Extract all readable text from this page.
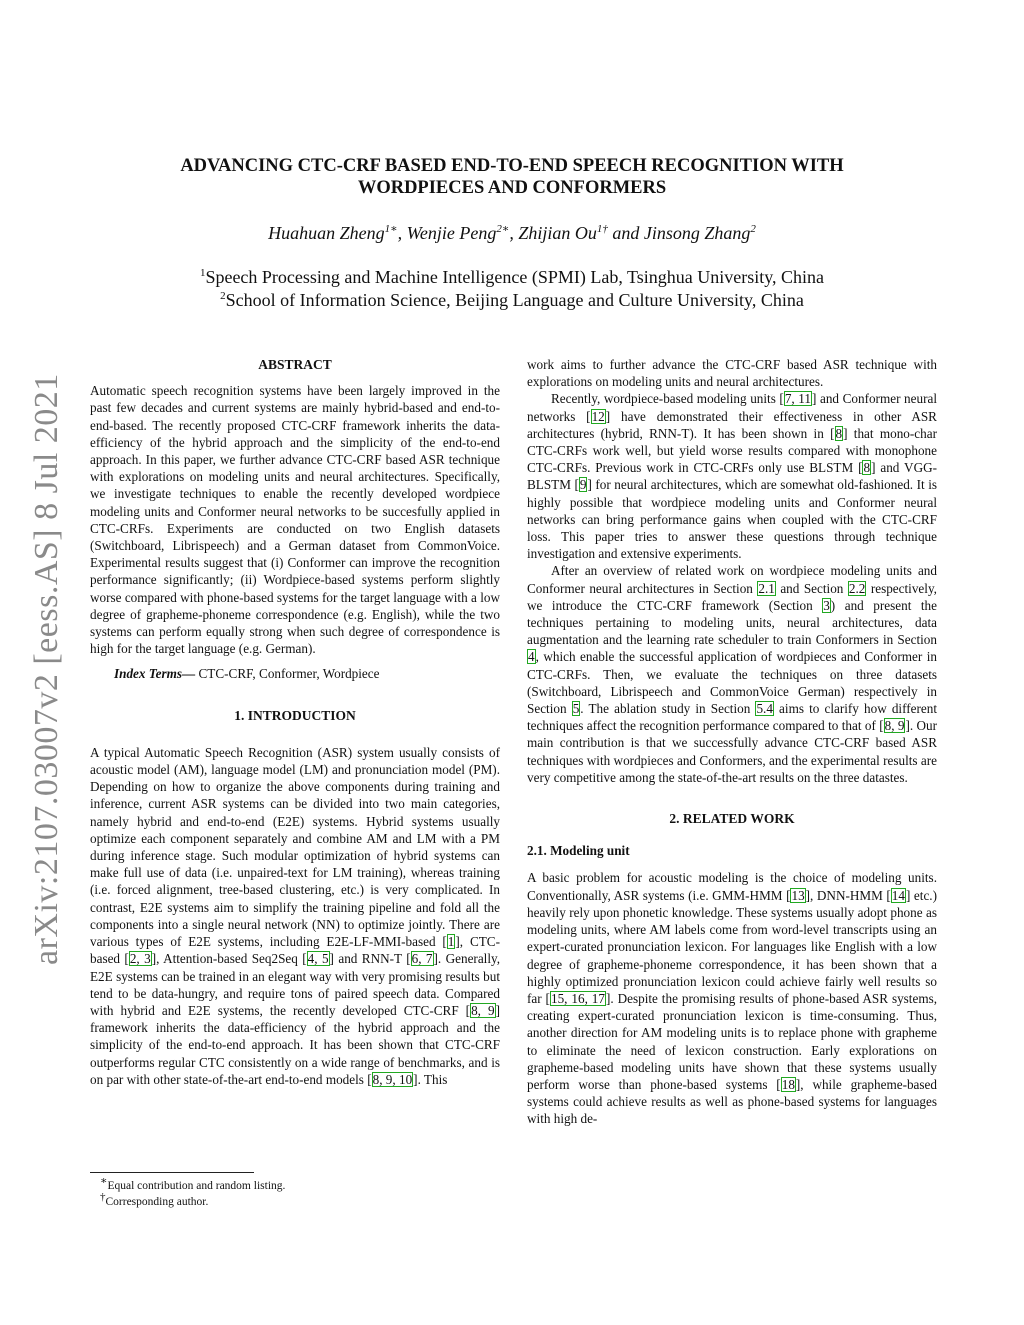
arXiv:2107.03007v2 [eess.AS] 8 Jul 2021
ADVANCING CTC-CRF BASED END-TO-END SPEECH RECOGNITION WITH
WORDPIECES AND CONFORMERS
Huahuan Zheng$^{1∗}$, Wenjie Peng$^{2∗}$, Zhijian $Ou^{1\dagger}$ and Jinsong Zhang$^2$
$^1$Speech Processing and Machine Intelligence (SPMI) Lab, Tsinghua University, China
$^2$School of Information Science, Beijing Language and Culture University, China

ABSTRACT

Automatic speech recognition systems have been largely improved in the past few decades and current systems are mainly hybrid-based and end-to-end-based. The recently proposed CTC-CRF framework inherits the data-efficiency of the hybrid approach and the simplicity of the end-to-end approach. In this paper, we further advance CTC-CRF based ASR technique with explorations on modeling units and neural architectures. Specifically, we investigate techniques to enable the recently developed wordpiece modeling units and Conformer neural networks to be succesfully applied in CTC-CRFs. Experiments are conducted on two English datasets (Switchboard, Librispeech) and a German dataset from CommonVoice. Experimental results suggest that (i) Conformer can improve the recognition performance significantly; (ii) Wordpiece-based systems perform slightly worse compared with phone-based systems for the target language with a low degree of grapheme-phoneme correspondence (e.g. English), while the two systems can perform equally strong when such degree of correspondence is high for the target language (e.g. German).

Index Terms— CTC-CRF, Conformer, Wordpiece

1. INTRODUCTION

A typical Automatic Speech Recognition (ASR) system usually consists of acoustic model (AM), language model (LM) and pronunciation model (PM). Depending on how to organize the above components during training and inference, current ASR systems can be divided into two main categories, namely hybrid and end-to-end (E2E) systems. Hybrid systems usually optimize each component separately and combine AM and LM with a PM during inference stage. Such modular optimization of hybrid systems can make full use of data (i.e. unpaired-text for LM training), whereas training (i.e. forced alignment, tree-based clustering, etc.) is very complicated. In contrast, E2E systems aim to simplify the training pipeline and fold all the components into a single neural network (NN) to optimize jointly. There are various types of E2E systems, including E2E-LF-MMI-based [1], CTC-based [2, 3], Attention-based Seq2Seq [4, 5] and RNN-T [6, 7]. Generally, E2E systems can be trained in an elegant way with very promising results but tend to be data-hungry, and require tons of paired speech data. Compared with hybrid and E2E systems, the recently developed CTC-CRF [8, 9] framework inherits the data-efficiency of the hybrid approach and the simplicity of the end-to-end approach. It has been shown that CTC-CRF outperforms regular CTC consistently on a wide range of benchmarks, and is on par with other state-of-the-art end-to-end models [8, 9, 10]. This

work aims to further advance the CTC-CRF based ASR technique with explorations on modeling units and neural architectures.

Recently, wordpiece-based modeling units [7, 11] and Conformer neural networks [12] have demonstrated their effectiveness in other ASR architectures (hybrid, RNN-T). It has been shown in [8] that mono-char CTC-CRFs work well, but yield worse results compared with monophone CTC-CRFs. Previous work in CTC-CRFs only use BLSTM [8] and VGG-BLSTM [9] for neural architectures, which are somewhat old-fashioned. It is highly possible that wordpiece modeling units and Conformer neural networks can bring performance gains when coupled with the CTC-CRF loss. This paper tries to answer these questions through technique investigation and extensive experiments.

After an overview of related work on wordpiece modeling units and Conformer neural architectures in Section 2.1 and Section 2.2 respectively, we introduce the CTC-CRF framework (Section 3) and present the techniques pertaining to modeling units, neural architectures, data augmentation and the learning rate scheduler to train Conformers in Section 4, which enable the successful application of wordpieces and Conformer in CTC-CRFs. Then, we evaluate the techniques on three datasets (Switchboard, Librispeech and CommonVoice German) respectively in Section 5. The ablation study in Section 5.4 aims to clarify how different techniques affect the recognition performance compared to that of [8, 9]. Our main contribution is that we successfully advance CTC-CRF based ASR techniques with wordpieces and Conformers, and the experimental results are very competitive among the state-of-the-art results on the three datastes.

2. RELATED WORK

2.1. Modeling unit

A basic problem for acoustic modeling is the choice of modeling units. Conventionally, ASR systems (i.e. GMM-HMM [13], DNN-HMM [14] etc.) heavily rely upon phonetic knowledge. These systems usually adopt phone as modeling units, where AM labels come from word-level transcripts using an expert-curated pronunciation lexicon. For languages like English with a low degree of grapheme-phoneme correspondence, it has been shown that a highly optimized pronunciation lexicon could achieve fairly well results so far [15, 16, 17]. Despite the promising results of phone-based ASR systems, creating expert-curated pronunciation lexicon is time-consuming. Thus, another direction for AM modeling units is to replace phone with grapheme to eliminate the need of lexicon construction. Early explorations on grapheme-based modeling units have shown that these systems usually perform worse than phone-based systems [18], while grapheme-based systems could achieve results as well as phone-based systems for languages with high de-

∗Equal contribution and random listing.
†Corresponding author.
